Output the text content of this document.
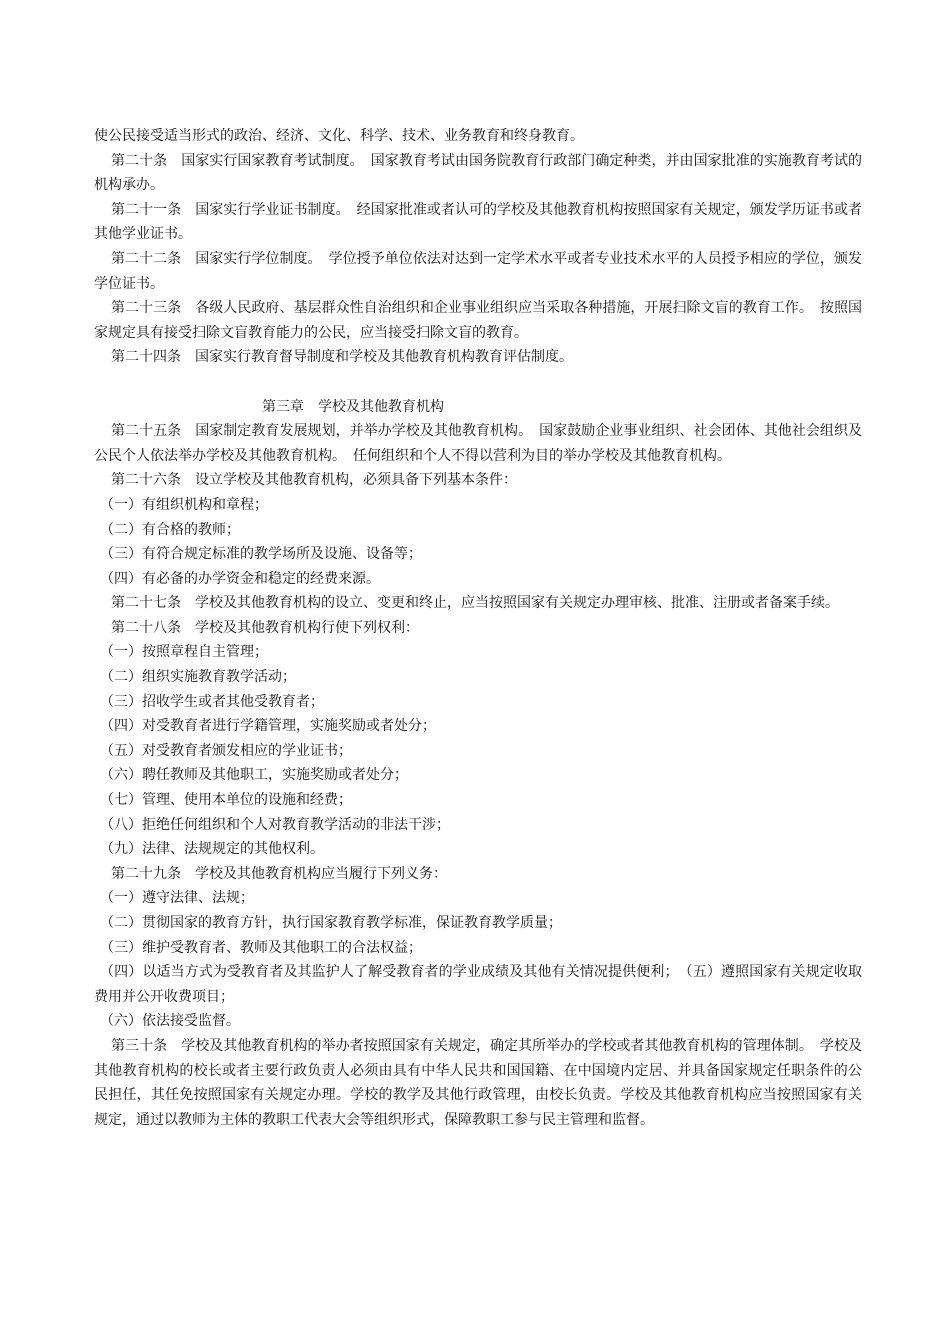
使公民接受适当形式的政治、经济、文化、科学、技术、业务教育和终身教育。

第二十条　国家实行国家教育考试制度。　国家教育考试由国务院教育行政部门确定种类，并由国家批准的实施教育考试的机构承办。

第二十一条　国家实行学业证书制度。　经国家批准或者认可的学校及其他教育机构按照国家有关规定，颁发学历证书或者其他学业证书。

第二十二条　国家实行学位制度。　学位授予单位依法对达到一定学术水平或者专业技术水平的人员授予相应的学位，颁发学位证书。

第二十三条　各级人民政府、基层群众性自治组织和企业事业组织应当采取各种措施，开展扫除文盲的教育工作。　按照国家规定具有接受扫除文盲教育能力的公民，应当接受扫除文盲的教育。

第二十四条　国家实行教育督导制度和学校及其他教育机构教育评估制度。

第三章　学校及其他教育机构

第二十五条　国家制定教育发展规划，并举办学校及其他教育机构。　国家鼓励企业事业组织、社会团体、其他社会组织及公民个人依法举办学校及其他教育机构。　任何组织和个人不得以营利为目的举办学校及其他教育机构。

第二十六条　设立学校及其他教育机构，必须具备下列基本条件：

（一）有组织机构和章程；

（二）有合格的教师；

（三）有符合规定标准的教学场所及设施、设备等；

（四）有必备的办学资金和稳定的经费来源。

第二十七条　学校及其他教育机构的设立、变更和终止，应当按照国家有关规定办理审核、批准、注册或者备案手续。

第二十八条　学校及其他教育机构行使下列权利：

（一）按照章程自主管理；

（二）组织实施教育教学活动；

（三）招收学生或者其他受教育者；

（四）对受教育者进行学籍管理，实施奖励或者处分；

（五）对受教育者颁发相应的学业证书；

（六）聘任教师及其他职工，实施奖励或者处分；

（七）管理、使用本单位的设施和经费；

（八）拒绝任何组织和个人对教育教学活动的非法干涉；

（九）法律、法规规定的其他权利。

第二十九条　学校及其他教育机构应当履行下列义务：

（一）遵守法律、法规；

（二）贯彻国家的教育方针，执行国家教育教学标准，保证教育教学质量；

（三）维护受教育者、教师及其他职工的合法权益；

（四）以适当方式为受教育者及其监护人了解受教育者的学业成绩及其他有关情况提供便利；　（五）遵照国家有关规定收取费用并公开收费项目；

（六）依法接受监督。

第三十条　学校及其他教育机构的举办者按照国家有关规定，确定其所举办的学校或者其他教育机构的管理体制。　学校及其他教育机构的校长或者主要行政负责人必须由具有中华人民共和国国籍、在中国境内定居、并具备国家规定任职条件的公民担任，其任免按照国家有关规定办理。学校的教学及其他行政管理，由校长负责。学校及其他教育机构应当按照国家有关规定，通过以教师为主体的教职工代表大会等组织形式，保障教职工参与民主管理和监督。
